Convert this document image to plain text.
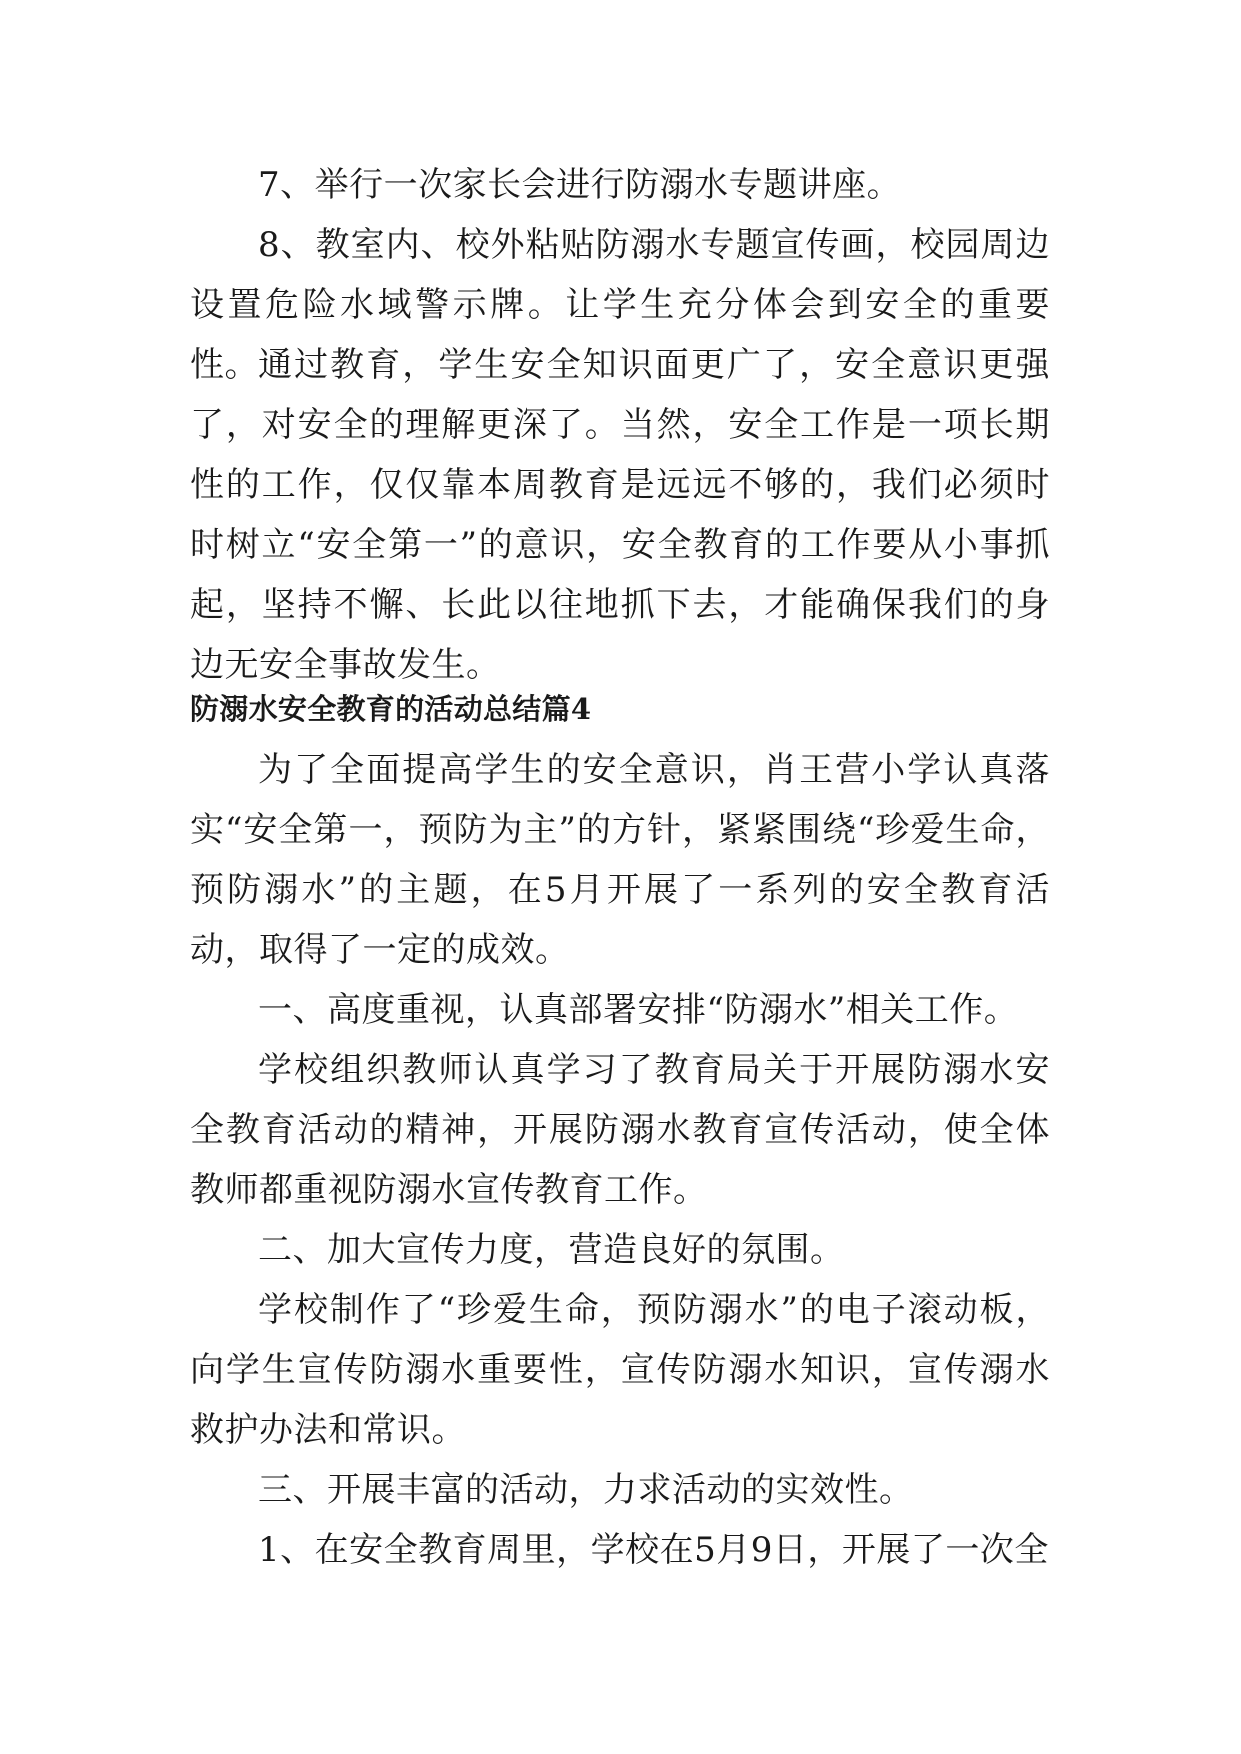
7、举行一次家长会进行防溺水专题讲座。

8、教室内、校外粘贴防溺水专题宣传画，校园周边设置危险水域警示牌。让学生充分体会到安全的重要性。 通过教育，学生安全知识面更广了，安全意识更强了，对安全的理解更深了。当然，安全工作是一项长期性的工作，仅仅靠本周教育是远远不够的，我们必须时时树立“安全第一”的意识，安全教育的工作要从小事抓起，坚持不懈、长此以往地抓下去，才能确保我们的身边无安全事故发生。

防溺水安全教育的活动总结篇4

为了全面提高学生的安全意识，肖王营小学认真落实“安全第一，预防为主”的方针，紧紧围绕“珍爱生命，预防溺水”的主题，在5月开展了一系列的安全教育活动，取得了一定的成效。

一、高度重视，认真部署安排“防溺水”相关工作。

学校组织教师认真学习了教育局关于开展防溺水安全教育活动的精神，开展防溺水教育宣传活动，使全体教师都重视防溺水宣传教育工作。

二、加大宣传力度，营造良好的氛围。

学校制作了“珍爱生命，预防溺水”的电子滚动板，向学生宣传防溺水重要性，宣传防溺水知识，宣传溺水救护办法和常识。

三、开展丰富的活动，力求活动的实效性。

1、在安全教育周里，学校在5月9日，开展了一次全
